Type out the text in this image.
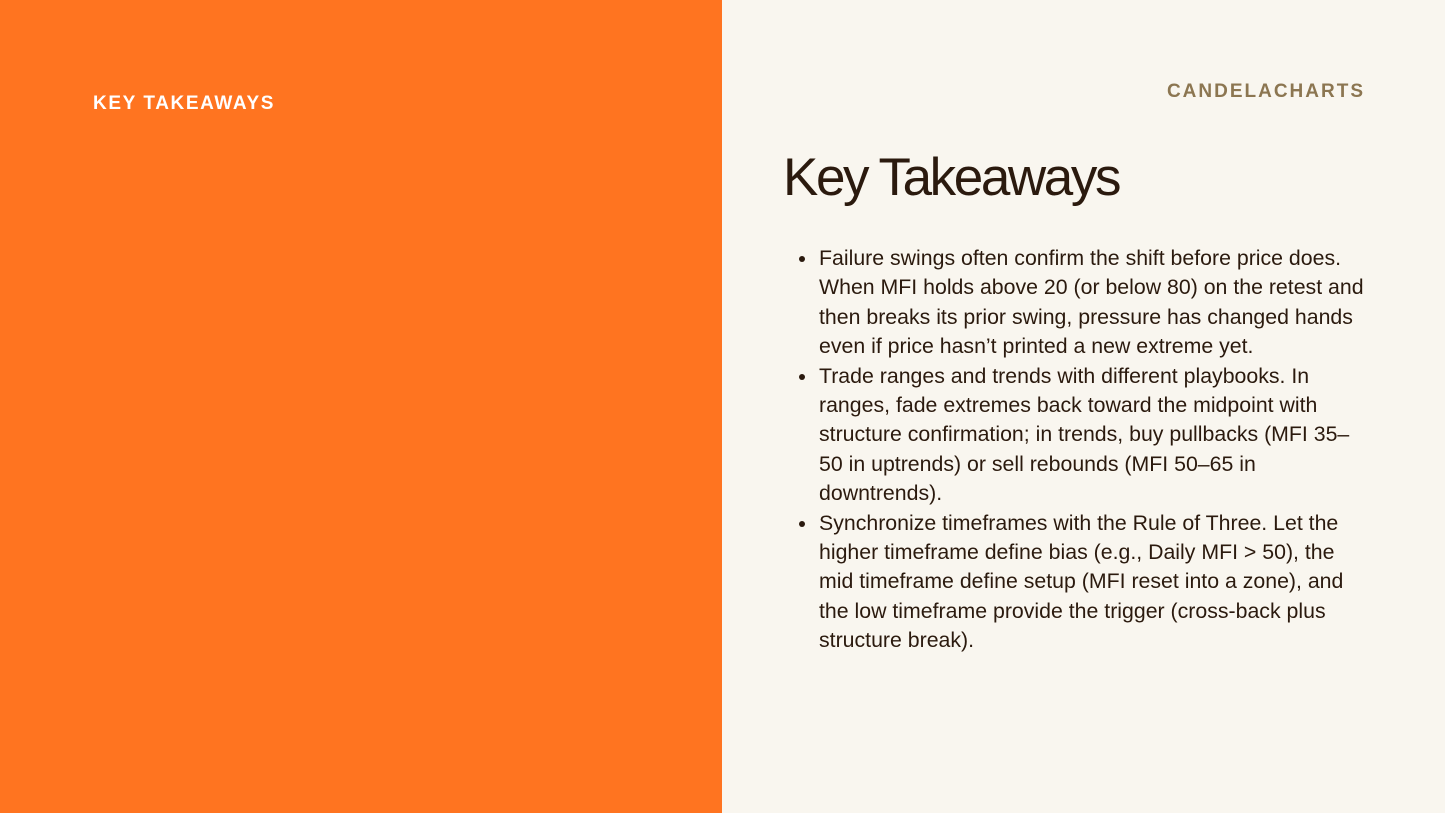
KEY TAKEAWAYS
CANDELACHARTS
Key Takeaways
Failure swings often confirm the shift before price does. When MFI holds above 20 (or below 80) on the retest and then breaks its prior swing, pressure has changed hands even if price hasn’t printed a new extreme yet.
Trade ranges and trends with different playbooks. In ranges, fade extremes back toward the midpoint with structure confirmation; in trends, buy pullbacks (MFI 35–50 in uptrends) or sell rebounds (MFI 50–65 in downtrends).
Synchronize timeframes with the Rule of Three. Let the higher timeframe define bias (e.g., Daily MFI > 50), the mid timeframe define setup (MFI reset into a zone), and the low timeframe provide the trigger (cross-back plus structure break).
